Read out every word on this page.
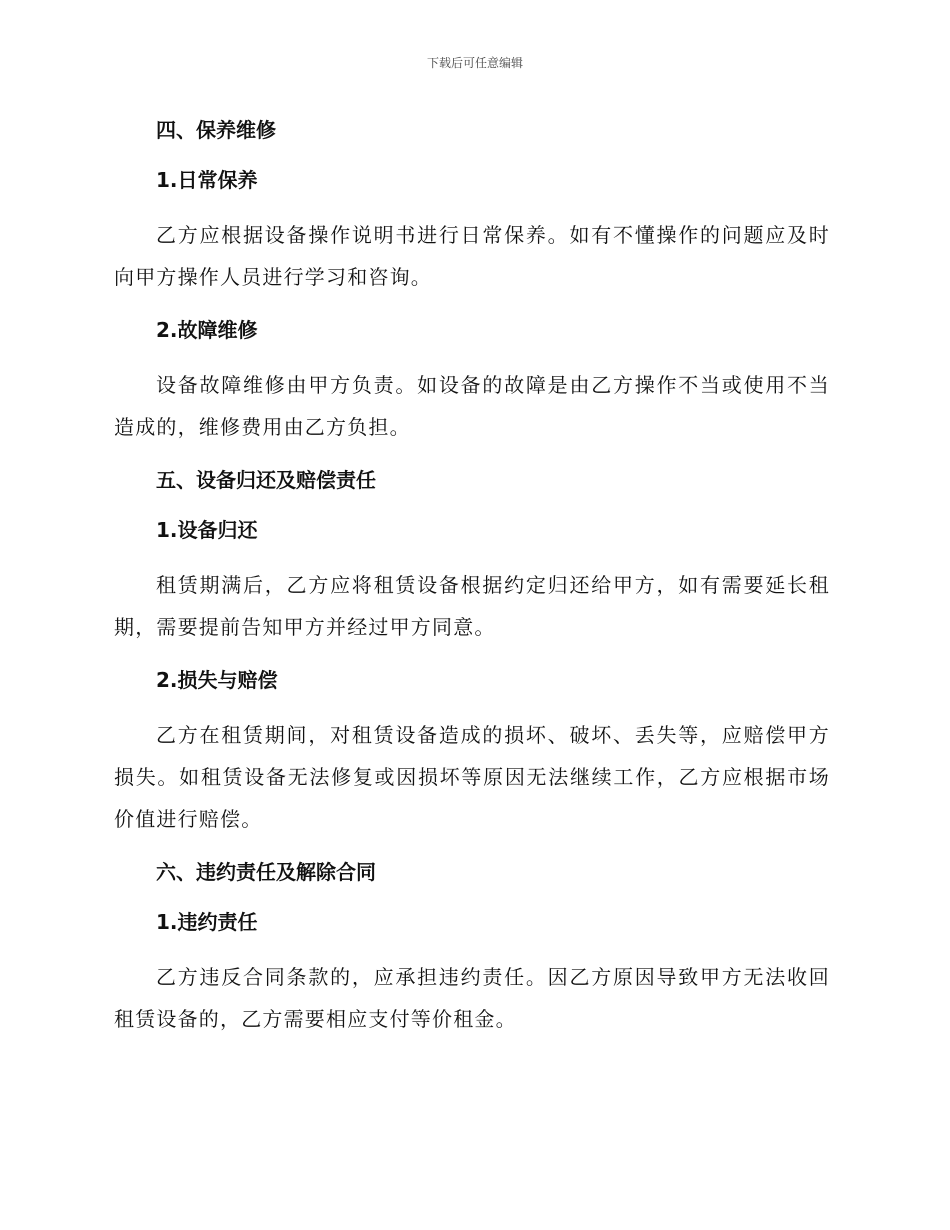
下载后可任意编辑
四、保养维修
1.日常保养

乙方应根据设备操作说明书进行日常保养。如有不懂操作的问题应及时向甲方操作人员进行学习和咨询。

2.故障维修

设备故障维修由甲方负责。如设备的故障是由乙方操作不当或使用不当造成的，维修费用由乙方负担。

五、设备归还及赔偿责任
1.设备归还

租赁期满后，乙方应将租赁设备根据约定归还给甲方，如有需要延长租期，需要提前告知甲方并经过甲方同意。

2.损失与赔偿

乙方在租赁期间，对租赁设备造成的损坏、破坏、丢失等，应赔偿甲方损失。如租赁设备无法修复或因损坏等原因无法继续工作，乙方应根据市场价值进行赔偿。

六、违约责任及解除合同
1.违约责任

乙方违反合同条款的，应承担违约责任。因乙方原因导致甲方无法收回租赁设备的，乙方需要相应支付等价租金。
